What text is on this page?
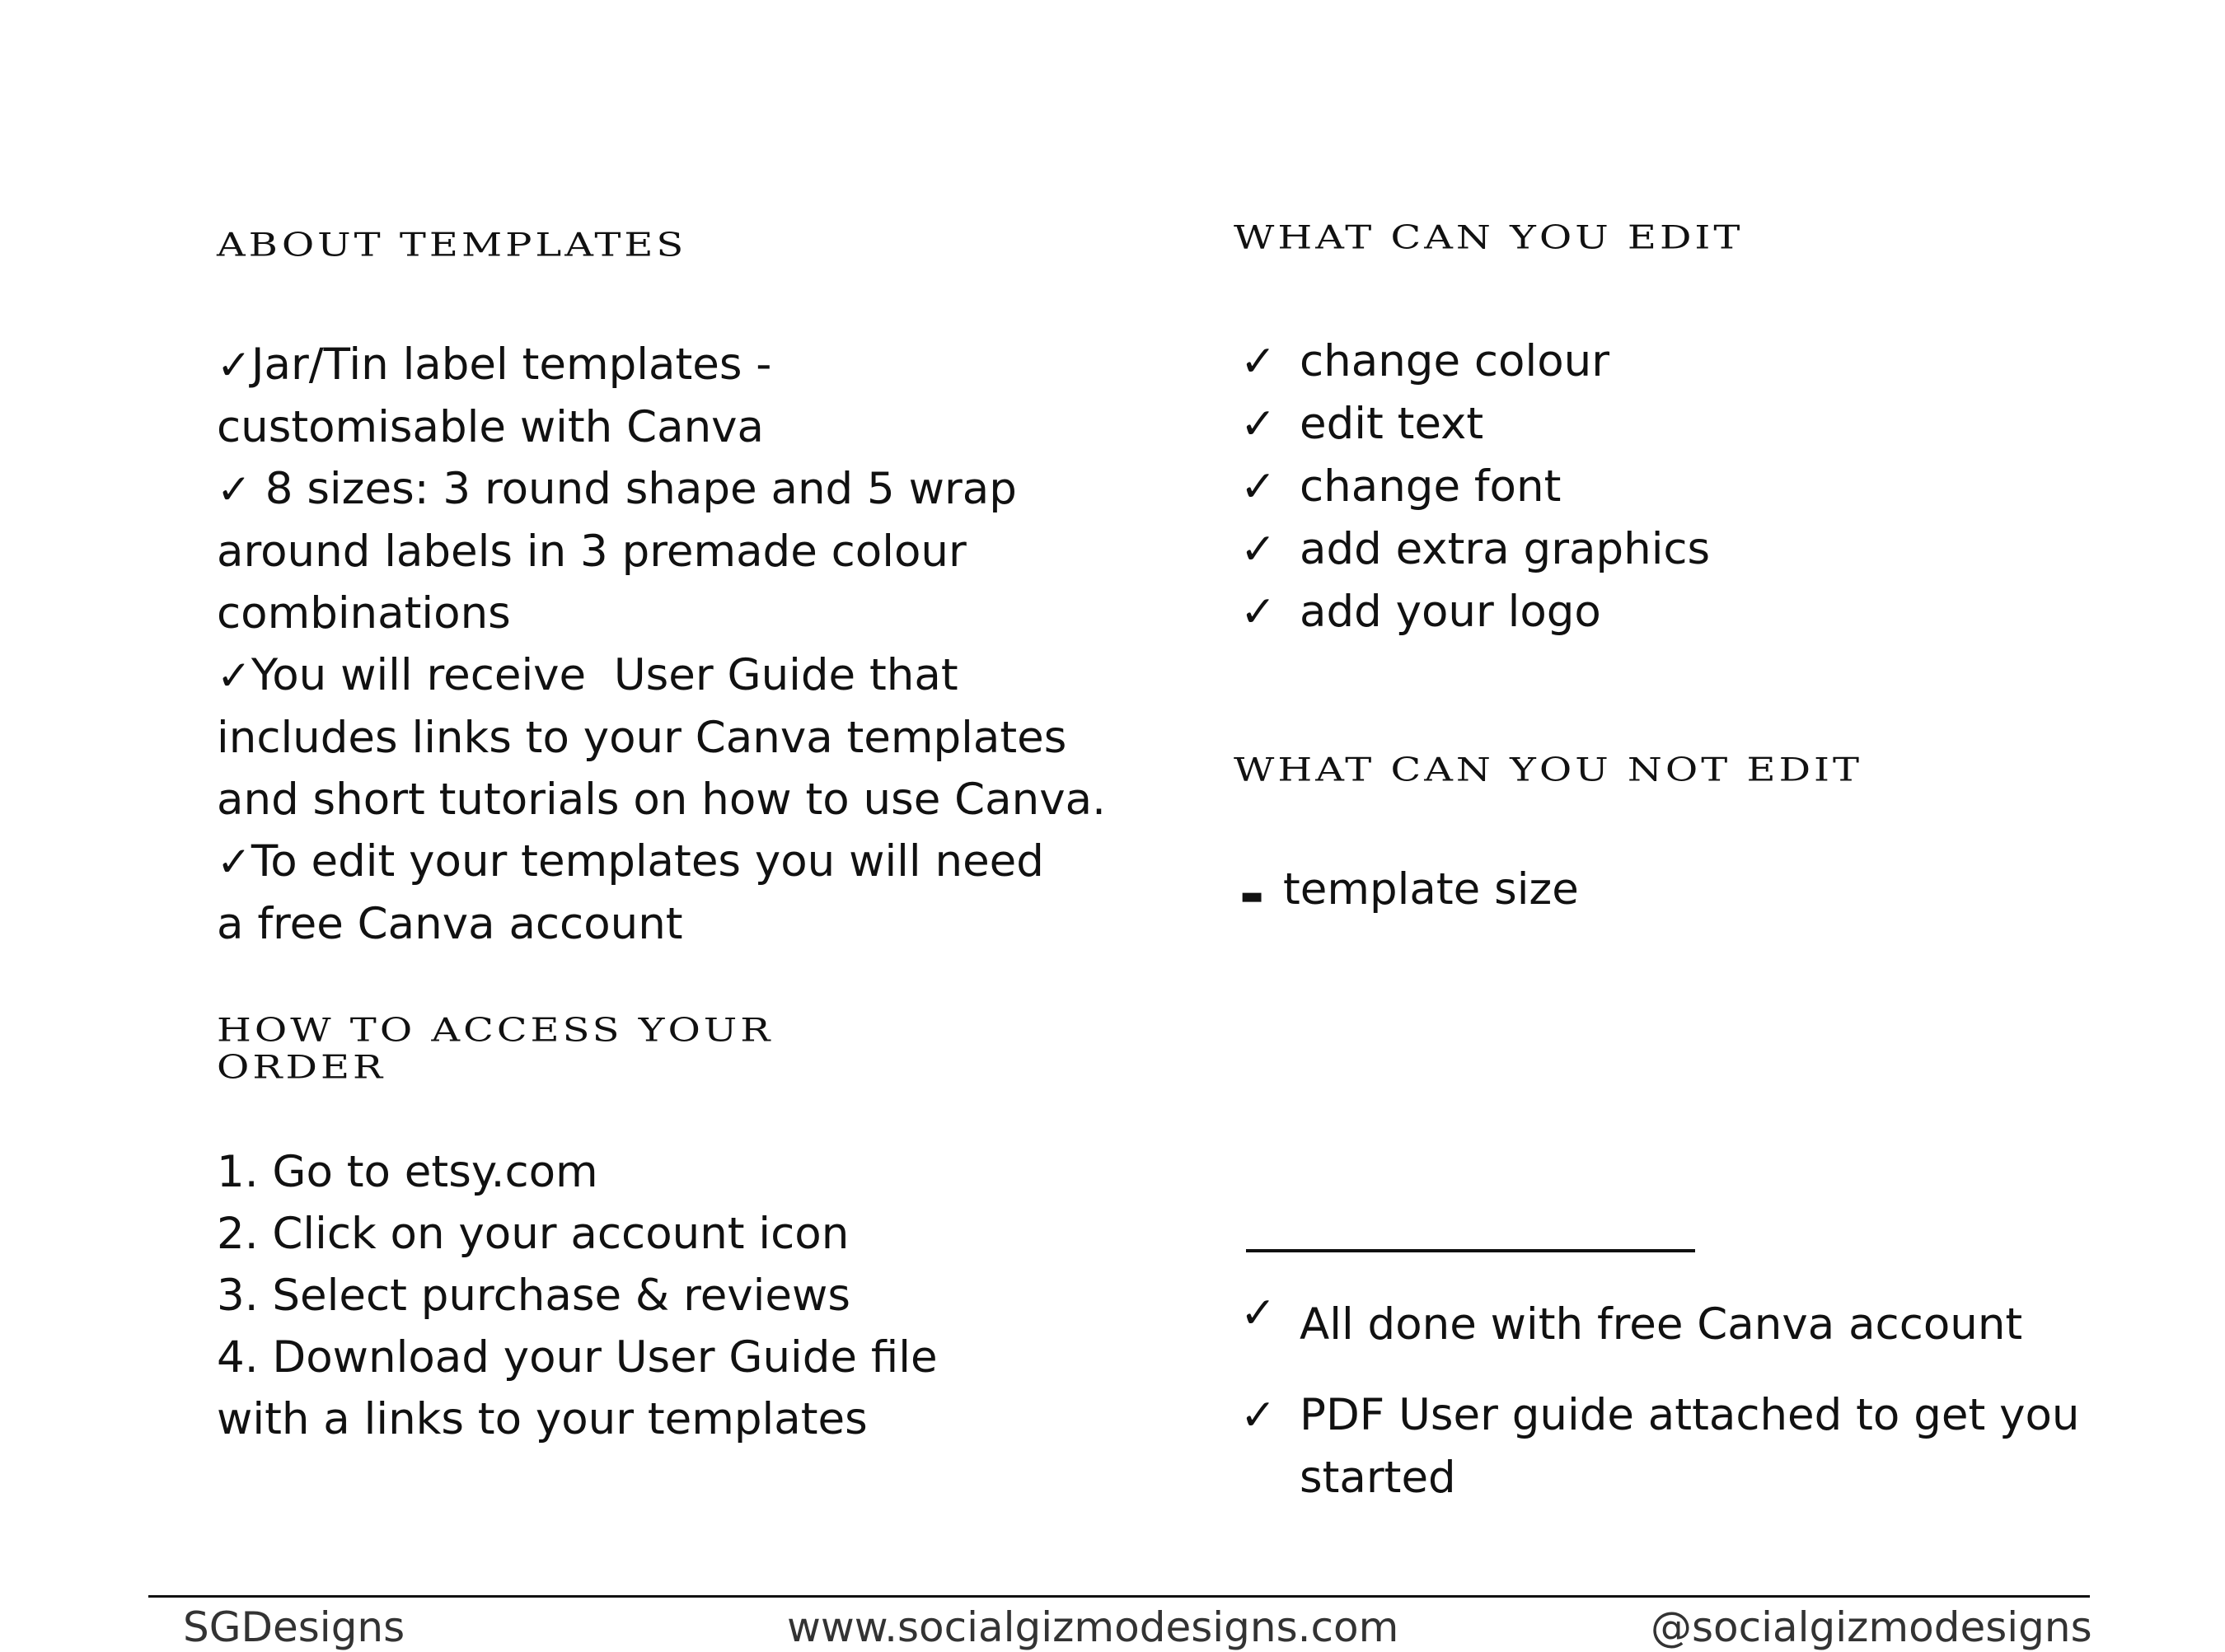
ABOUT TEMPLATES
✓Jar/Tin label templates -
customisable with Canva
✓ 8 sizes: 3 round shape and 5 wrap
around labels in 3 premade colour
combinations
✓You will receive  User Guide that
includes links to your Canva templates
and short tutorials on how to use Canva.
✓To edit your templates you will need
a free Canva account
HOW TO ACCESS YOUR
ORDER
1. Go to etsy.com
2. Click on your account icon
3. Select purchase & reviews
4. Download your User Guide file
with a links to your templates
WHAT CAN YOU EDIT
✓ change colour
✓ edit text
✓ change font
✓ add extra graphics
✓ add your logo
WHAT CAN YOU NOT EDIT
▬ template size
✓ All done with free Canva account
✓ PDF User guide attached to get you
started

SGDesigns	www.socialgizmodesigns.com	@socialgizmodesigns
